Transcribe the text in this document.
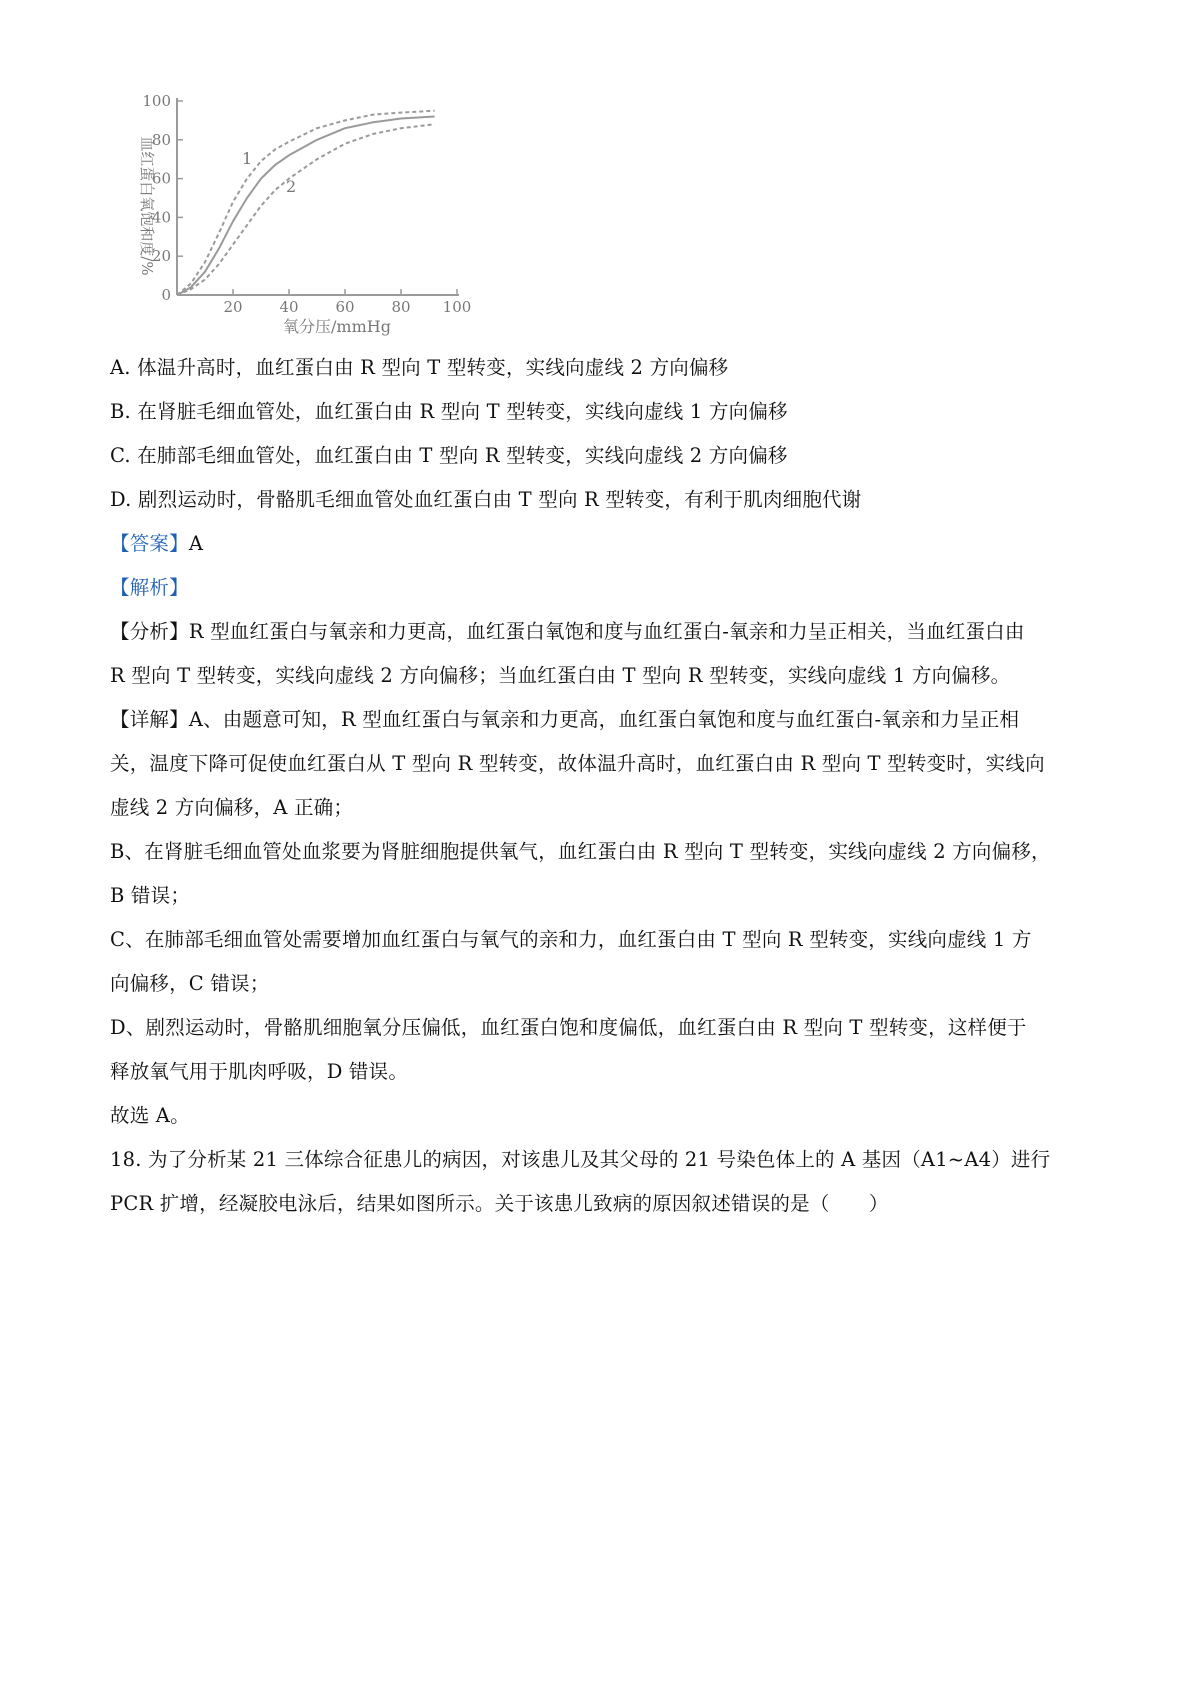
0
20
40
60
80
100
20 40 60 80 100
血红蛋白氧饱和度/%
氧分压/mmHg
1
2
A. 体温升高时，血红蛋白由 R 型向 T 型转变，实线向虚线 2 方向偏移
B. 在肾脏毛细血管处，血红蛋白由 R 型向 T 型转变，实线向虚线 1 方向偏移
C. 在肺部毛细血管处，血红蛋白由 T 型向 R 型转变，实线向虚线 2 方向偏移
D. 剧烈运动时，骨骼肌毛细血管处血红蛋白由 T 型向 R 型转变，有利于肌肉细胞代谢
【答案】A
【解析】
【分析】R 型血红蛋白与氧亲和力更高，血红蛋白氧饱和度与血红蛋白-氧亲和力呈正相关，当血红蛋白由
R 型向 T 型转变，实线向虚线 2 方向偏移；当血红蛋白由 T 型向 R 型转变，实线向虚线 1 方向偏移。
【详解】A、由题意可知，R 型血红蛋白与氧亲和力更高，血红蛋白氧饱和度与血红蛋白-氧亲和力呈正相
关，温度下降可促使血红蛋白从 T 型向 R 型转变，故体温升高时，血红蛋白由 R 型向 T 型转变时，实线向
虚线 2 方向偏移，A 正确；
B、在肾脏毛细血管处血浆要为肾脏细胞提供氧气，血红蛋白由 R 型向 T 型转变，实线向虚线 2 方向偏移，
B 错误；
C、在肺部毛细血管处需要增加血红蛋白与氧气的亲和力，血红蛋白由 T 型向 R 型转变，实线向虚线 1 方
向偏移，C 错误；
D、剧烈运动时，骨骼肌细胞氧分压偏低，血红蛋白饱和度偏低，血红蛋白由 R 型向 T 型转变，这样便于
释放氧气用于肌肉呼吸，D 错误。
故选 A。
18. 为了分析某 21 三体综合征患儿的病因，对该患儿及其父母的 21 号染色体上的 A 基因（A1~A4）进行
PCR 扩增，经凝胶电泳后，结果如图所示。关于该患儿致病的原因叙述错误的是（　　）
